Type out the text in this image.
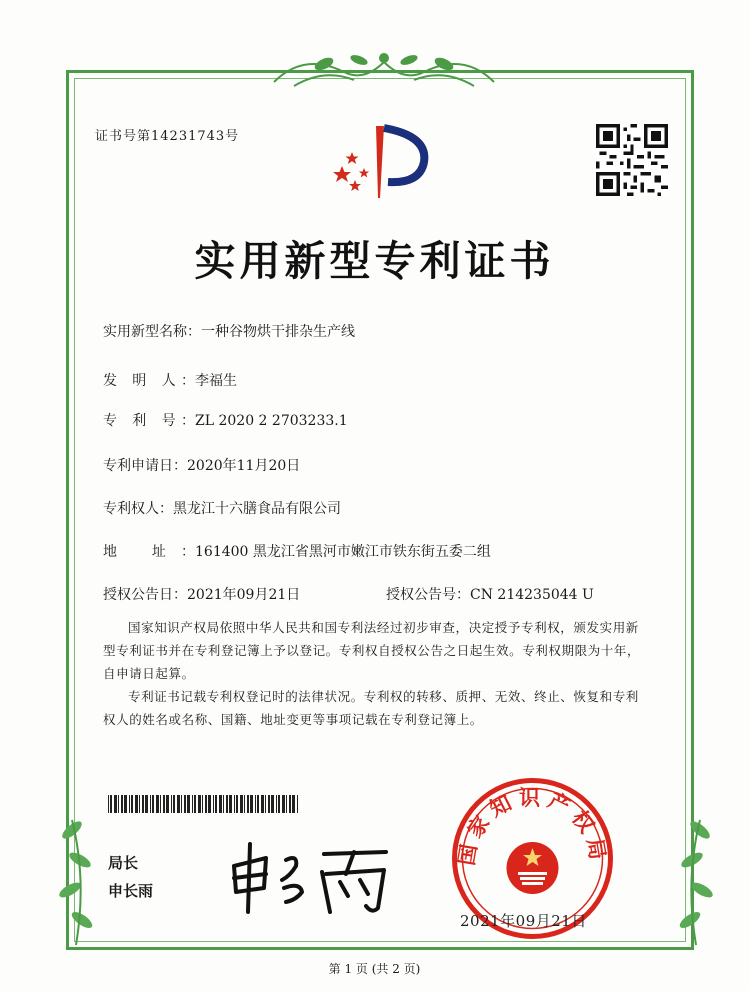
证书号第14231743号
实用新型专利证书
实用新型名称：一种谷物烘干排杂生产线
发 明 人：李福生
专 利 号：ZL 2020 2 2703233.1
专利申请日：2020年11月20日
专利权人：黑龙江十六膳食品有限公司
地 址：161400 黑龙江省黑河市嫩江市铁东街五委二组
授权公告日：2021年09月21日	授权公告号：CN 214235044 U
国家知识产权局依照中华人民共和国专利法经过初步审查，决定授予专利权，颁发实用新型专利证书并在专利登记簿上予以登记。专利权自授权公告之日起生效。专利权期限为十年，自申请日起算。
专利证书记载专利权登记时的法律状况。专利权的转移、质押、无效、终止、恢复和专利权人的姓名或名称、国籍、地址变更等事项记载在专利登记簿上。
局长
申长雨
国家知识产权局
2021年09月21日
第 1 页 (共 2 页)
